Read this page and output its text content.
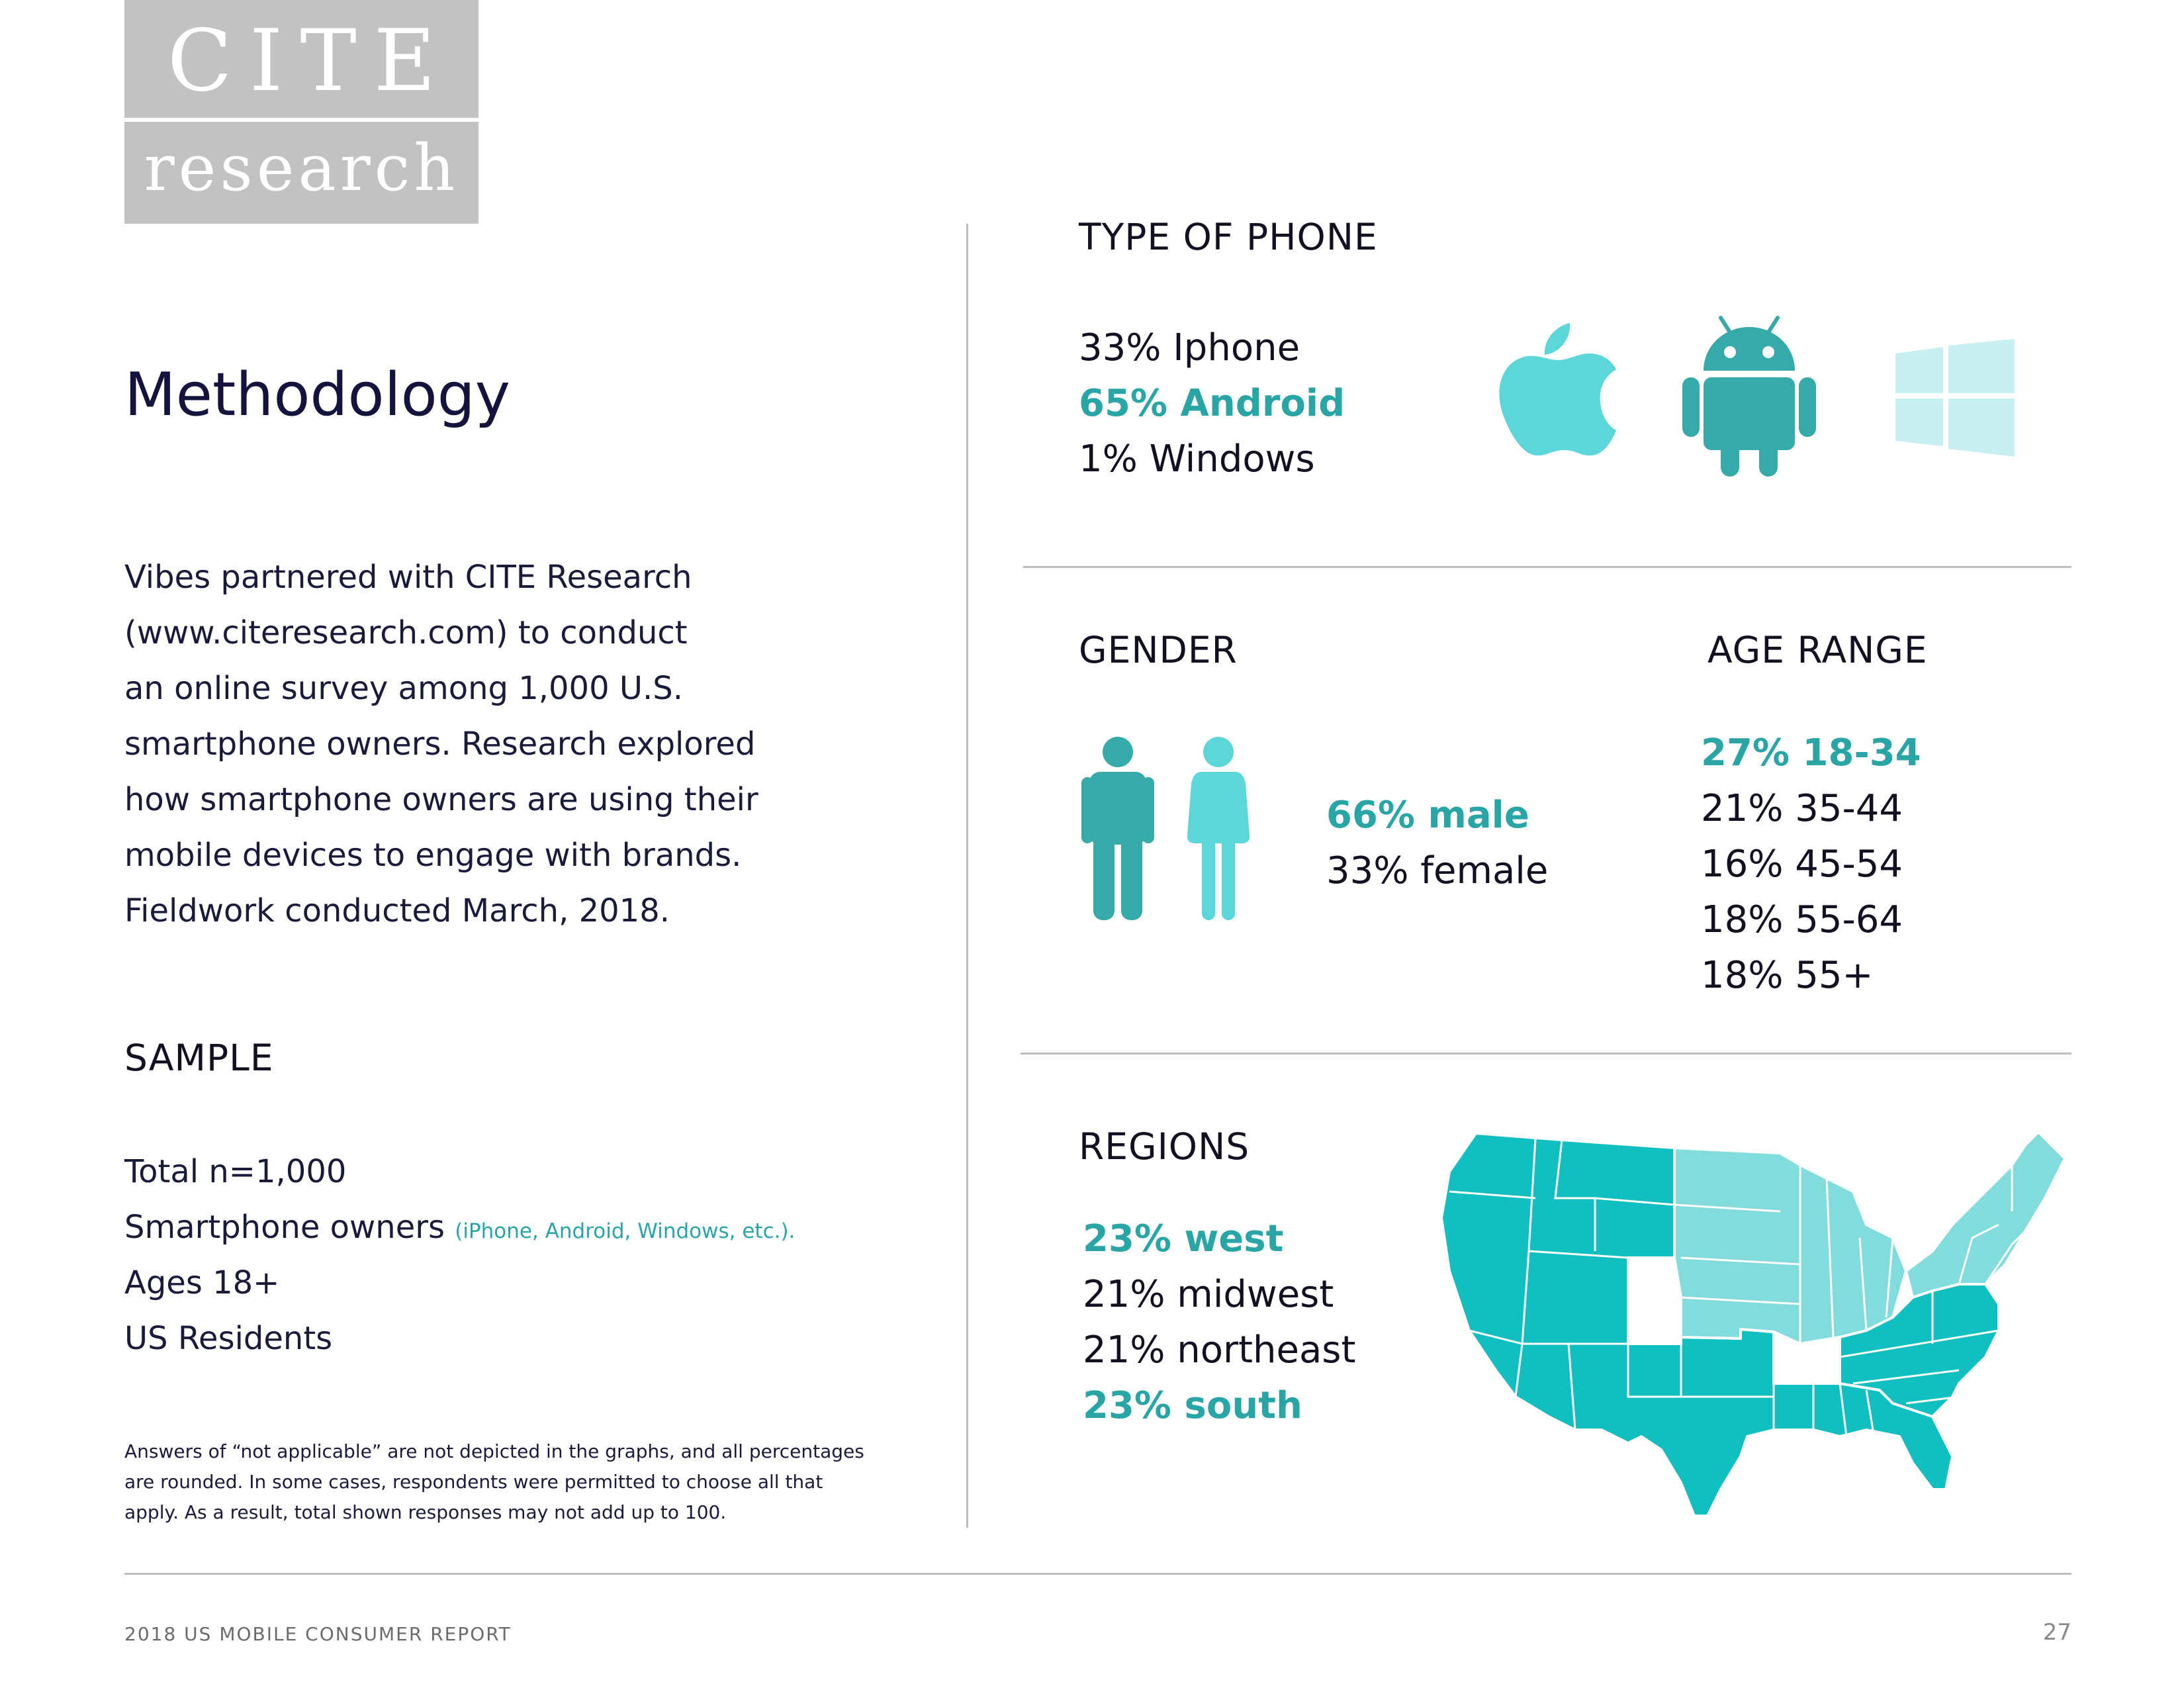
CITE
research
Methodology
Vibes partnered with CITE Research
(www.citeresearch.com) to conduct
an online survey among 1,000 U.S.
smartphone owners. Research explored
how smartphone owners are using their
mobile devices to engage with brands.
Fieldwork conducted March, 2018.
SAMPLE
Total n=1,000
Smartphone owners (iPhone, Android, Windows, etc.).
Ages 18+
US Residents
Answers of “not applicable” are not depicted in the graphs, and all percentages
are rounded. In some cases, respondents were permitted to choose all that
apply. As a result, total shown responses may not add up to 100.
TYPE OF PHONE
33% Iphone
65% Android
1% Windows
GENDER
66% male
33% female
AGE RANGE
27% 18-34
21% 35-44
16% 45-54
18% 55-64
18% 55+
REGIONS
23% west
21% midwest
21% northeast
23% south
2018 US MOBILE CONSUMER REPORT	27
